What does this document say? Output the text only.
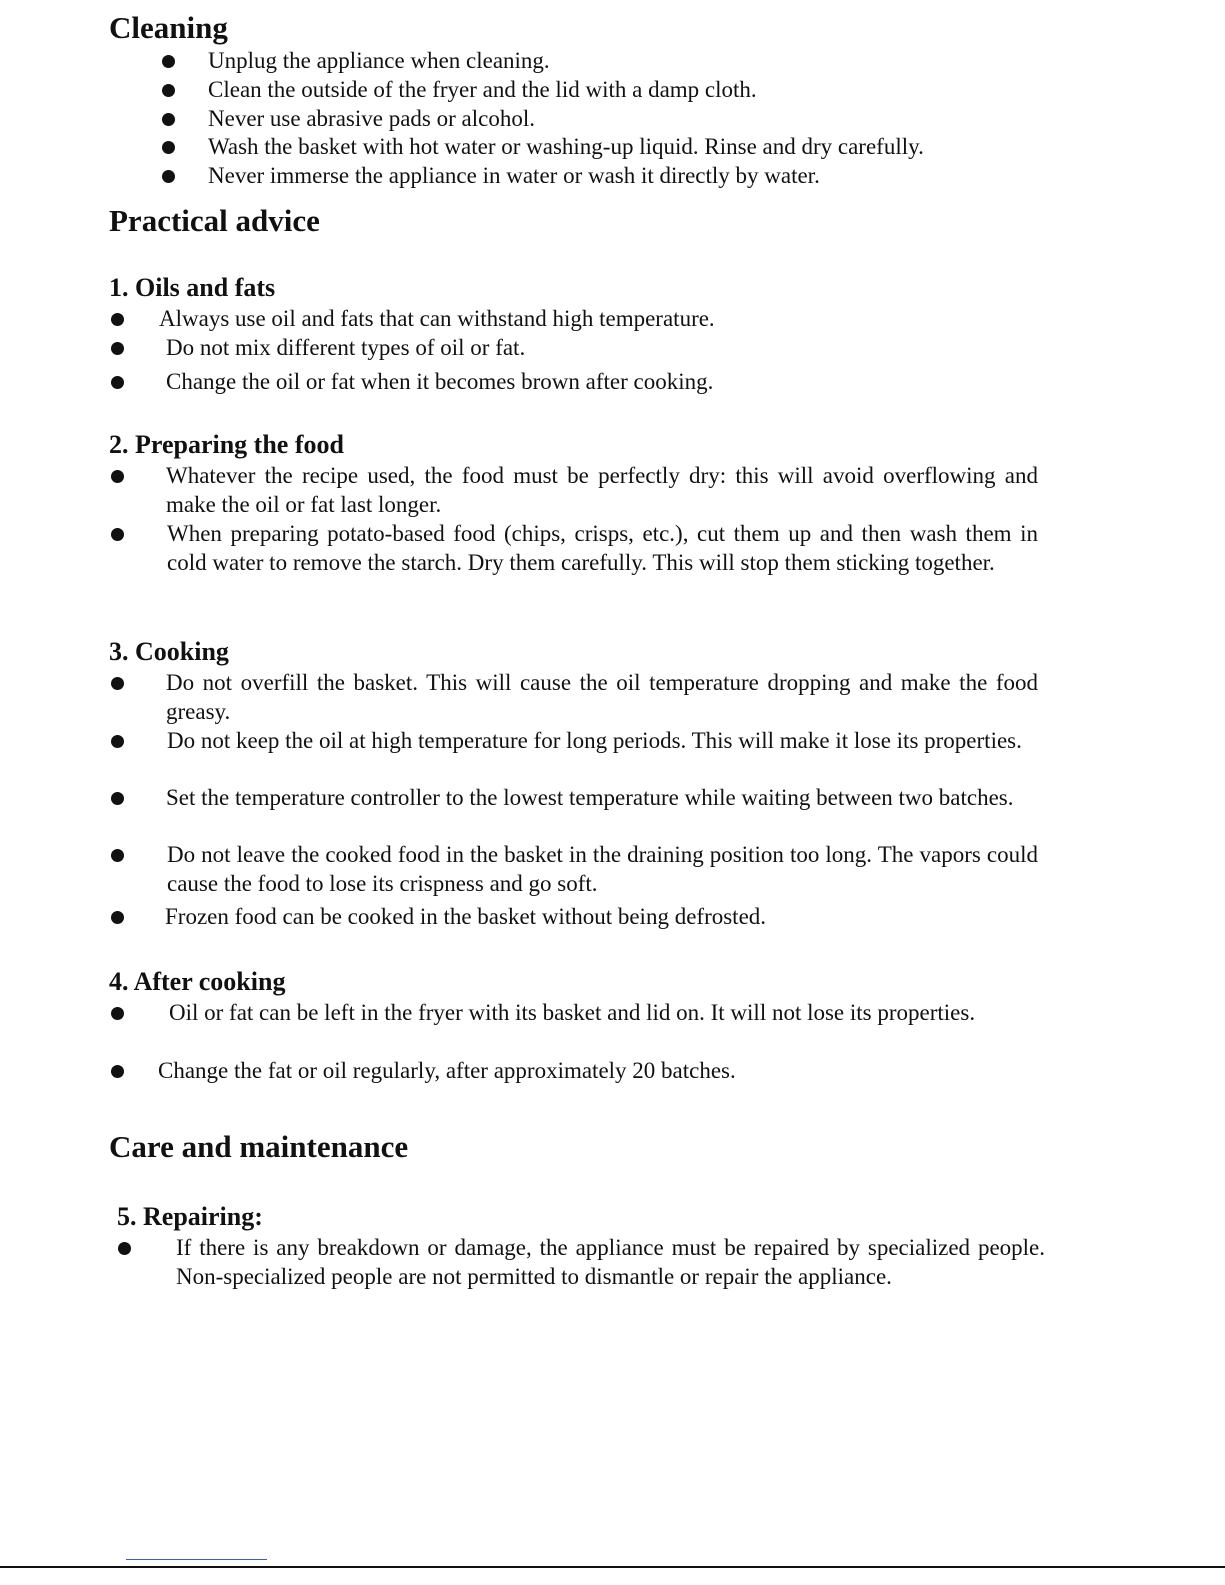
Cleaning
Unplug the appliance when cleaning.
Clean the outside of the fryer and the lid with a damp cloth.
Never use abrasive pads or alcohol.
Wash the basket with hot water or washing-up liquid. Rinse and dry carefully.
Never immerse the appliance in water or wash it directly by water.
Practical advice
1. Oils and fats
Always use oil and fats that can withstand high temperature.
Do not mix different types of oil or fat.
Change the oil or fat when it becomes brown after cooking.
2. Preparing the food
Whatever the recipe used, the food must be perfectly dry: this will avoid overflowing and make the oil or fat last longer.
When preparing potato-based food (chips, crisps, etc.), cut them up and then wash them in cold water to remove the starch. Dry them carefully. This will stop them sticking together.
3. Cooking
Do not overfill the basket. This will cause the oil temperature dropping and make the food greasy.
Do not keep the oil at high temperature for long periods. This will make it lose its properties.
Set the temperature controller to the lowest temperature while waiting between two batches.
Do not leave the cooked food in the basket in the draining position too long. The vapors could cause the food to lose its crispness and go soft.
Frozen food can be cooked in the basket without being defrosted.
4. After cooking
Oil or fat can be left in the fryer with its basket and lid on. It will not lose its properties.
Change the fat or oil regularly, after approximately 20 batches.
Care and maintenance
5. Repairing:
If there is any breakdown or damage, the appliance must be repaired by specialized people. Non-specialized people are not permitted to dismantle or repair the appliance.
